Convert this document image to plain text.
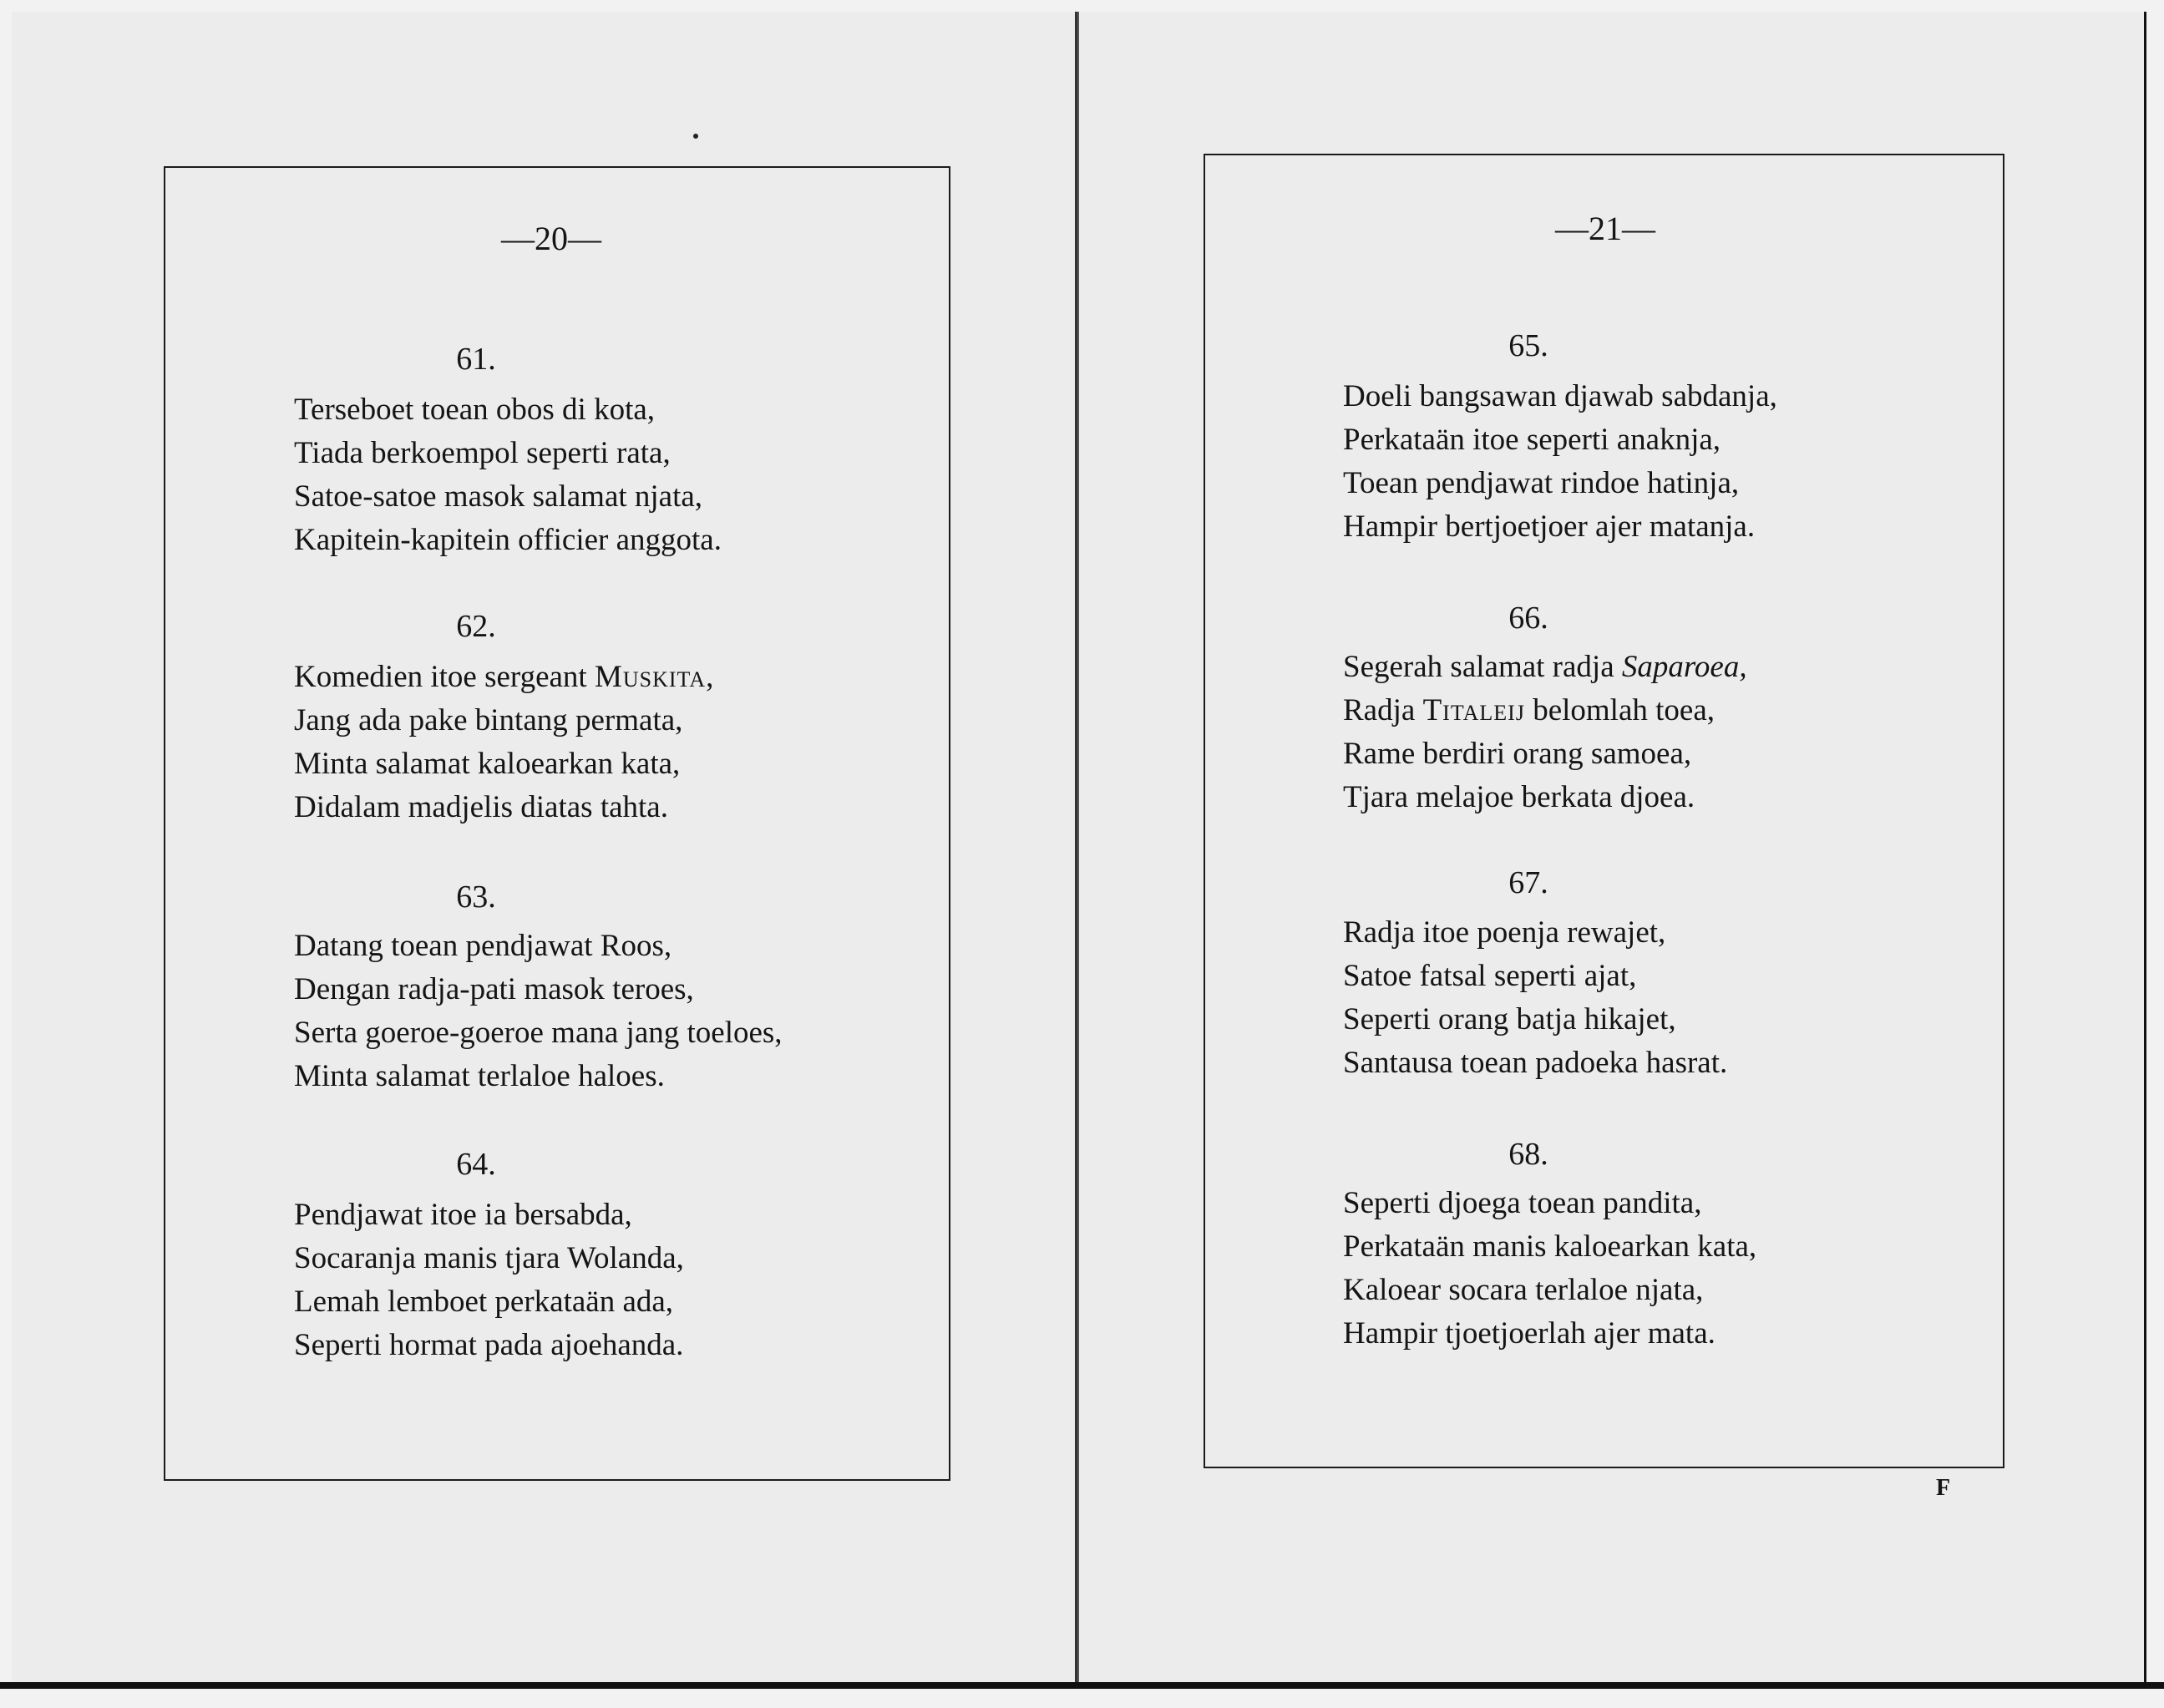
—20—	—21—
61.
Terseboet toean obos di kota,
Tiada berkoempol seperti rata,
Satoe-satoe masok salamat njata,
Kapitein-kapitein officier anggota.
62.
Komedien itoe sergeant Muskita,
Jang ada pake bintang permata,
Minta salamat kaloearkan kata,
Didalam madjelis diatas tahta.
63.
Datang toean pendjawat Roos,
Dengan radja-pati masok teroes,
Serta goeroe-goeroe mana jang toeloes,
Minta salamat terlaloe haloes.
64.
Pendjawat itoe ia bersabda,
Socaranja manis tjara Wolanda,
Lemah lemboet perkataän ada,
Seperti hormat pada ajoehanda.
65.
Doeli bangsawan djawab sabdanja,
Perkataän itoe seperti anaknja,
Toean pendjawat rindoe hatinja,
Hampir bertjoetjoer ajer matanja.
66.
Segerah salamat radja Saparoea,
Radja Titaleij belomlah toea,
Rame berdiri orang samoea,
Tjara melajoe berkata djoea.
67.
Radja itoe poenja rewajet,
Satoe fatsal seperti ajat,
Seperti orang batja hikajet,
Santausa toean padoeka hasrat.
68.
Seperti djoega toean pandita,
Perkataän manis kaloearkan kata,
Kaloear socara terlaloe njata,
Hampir tjoetjoerlah ajer mata.
F
